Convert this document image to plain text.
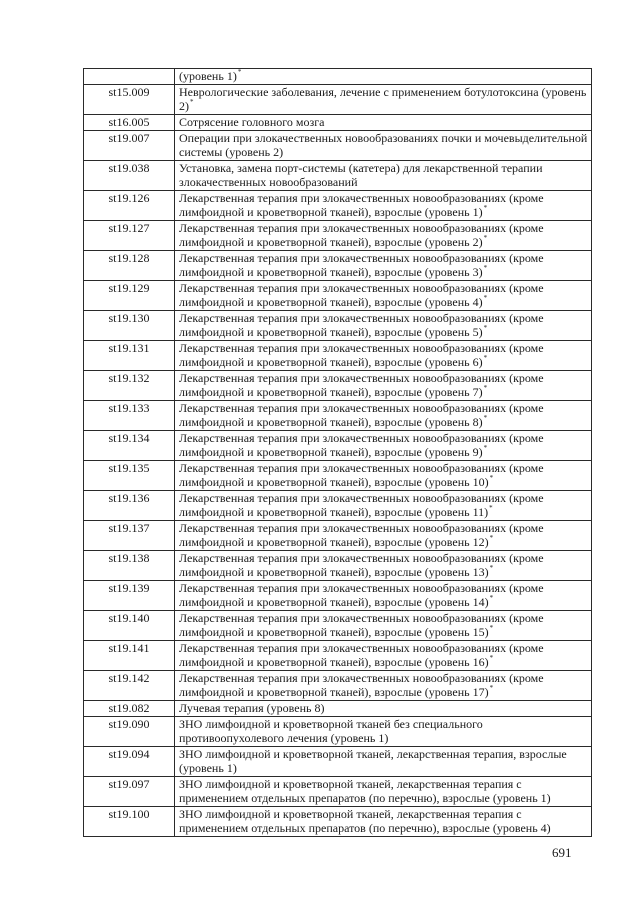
	(уровень 1)*
st15.009	Неврологические заболевания, лечение с применением ботулотоксина (уровень 2)*
st16.005	Сотрясение головного мозга
st19.007	Операции при злокачественных новообразованиях почки и мочевыделительной системы (уровень 2)
st19.038	Установка, замена порт-системы (катетера) для лекарственной терапии злокачественных новообразований
st19.126	Лекарственная терапия при злокачественных новообразованиях (кроме лимфоидной и кроветворной тканей), взрослые (уровень 1)*
st19.127	Лекарственная терапия при злокачественных новообразованиях (кроме лимфоидной и кроветворной тканей), взрослые (уровень 2)*
st19.128	Лекарственная терапия при злокачественных новообразованиях (кроме лимфоидной и кроветворной тканей), взрослые (уровень 3)*
st19.129	Лекарственная терапия при злокачественных новообразованиях (кроме лимфоидной и кроветворной тканей), взрослые (уровень 4)*
st19.130	Лекарственная терапия при злокачественных новообразованиях (кроме лимфоидной и кроветворной тканей), взрослые (уровень 5)*
st19.131	Лекарственная терапия при злокачественных новообразованиях (кроме лимфоидной и кроветворной тканей), взрослые (уровень 6)*
st19.132	Лекарственная терапия при злокачественных новообразованиях (кроме лимфоидной и кроветворной тканей), взрослые (уровень 7)*
st19.133	Лекарственная терапия при злокачественных новообразованиях (кроме лимфоидной и кроветворной тканей), взрослые (уровень 8)*
st19.134	Лекарственная терапия при злокачественных новообразованиях (кроме лимфоидной и кроветворной тканей), взрослые (уровень 9)*
st19.135	Лекарственная терапия при злокачественных новообразованиях (кроме лимфоидной и кроветворной тканей), взрослые (уровень 10)*
st19.136	Лекарственная терапия при злокачественных новообразованиях (кроме лимфоидной и кроветворной тканей), взрослые (уровень 11)*
st19.137	Лекарственная терапия при злокачественных новообразованиях (кроме лимфоидной и кроветворной тканей), взрослые (уровень 12)*
st19.138	Лекарственная терапия при злокачественных новообразованиях (кроме лимфоидной и кроветворной тканей), взрослые (уровень 13)*
st19.139	Лекарственная терапия при злокачественных новообразованиях (кроме лимфоидной и кроветворной тканей), взрослые (уровень 14)*
st19.140	Лекарственная терапия при злокачественных новообразованиях (кроме лимфоидной и кроветворной тканей), взрослые (уровень 15)*
st19.141	Лекарственная терапия при злокачественных новообразованиях (кроме лимфоидной и кроветворной тканей), взрослые (уровень 16)*
st19.142	Лекарственная терапия при злокачественных новообразованиях (кроме лимфоидной и кроветворной тканей), взрослые (уровень 17)*
st19.082	Лучевая терапия (уровень 8)
st19.090	ЗНО лимфоидной и кроветворной тканей без специального противоопухолевого лечения (уровень 1)
st19.094	ЗНО лимфоидной и кроветворной тканей, лекарственная терапия, взрослые (уровень 1)
st19.097	ЗНО лимфоидной и кроветворной тканей, лекарственная терапия с применением отдельных препаратов (по перечню), взрослые (уровень 1)
st19.100	ЗНО лимфоидной и кроветворной тканей, лекарственная терапия с применением отдельных препаратов (по перечню), взрослые (уровень 4)
691
